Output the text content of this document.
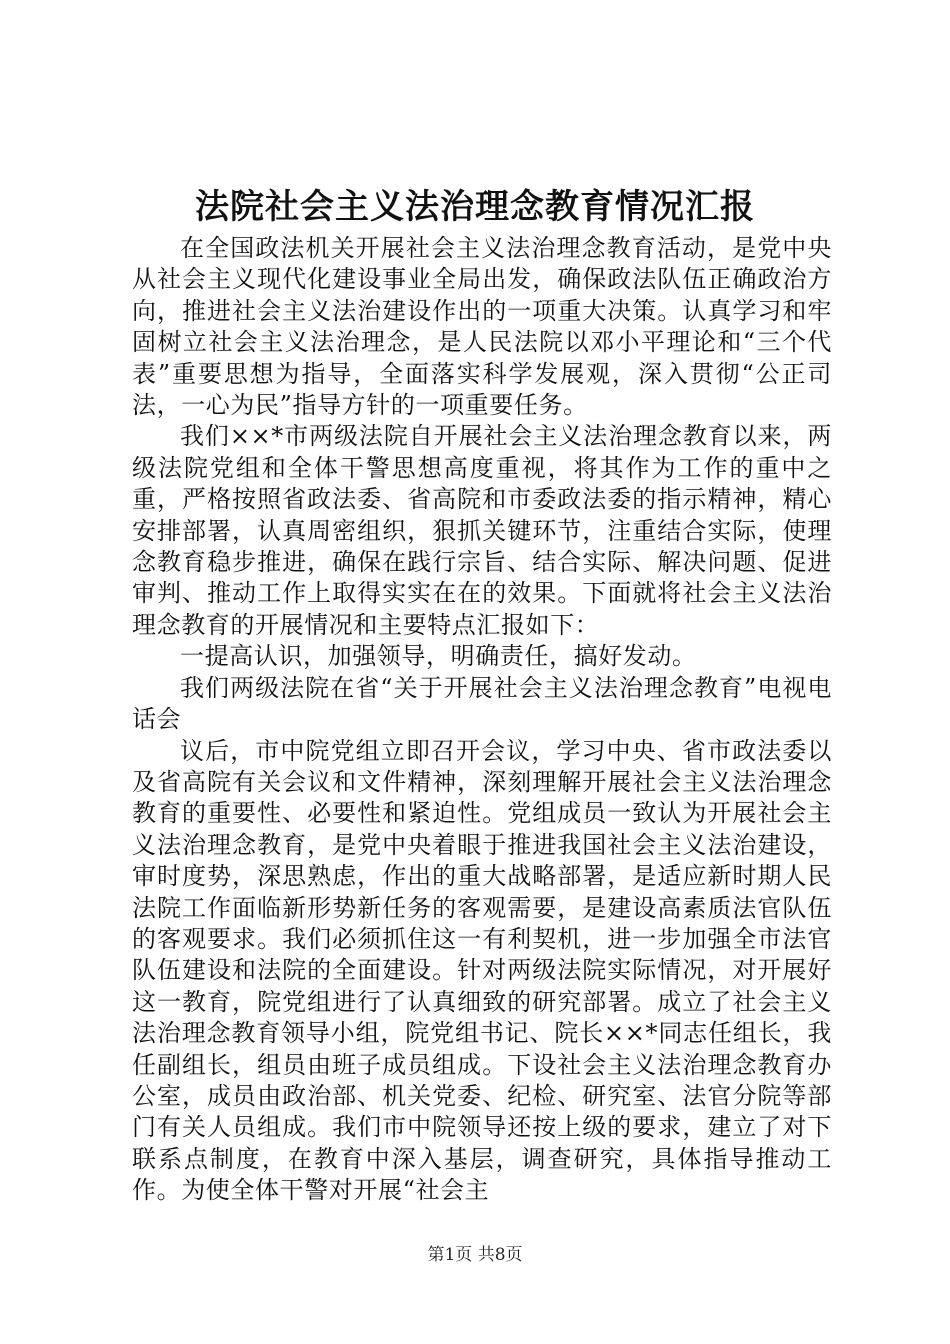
法院社会主义法治理念教育情况汇报

在全国政法机关开展社会主义法治理念教育活动，是党中央从社会主义现代化建设事业全局出发，确保政法队伍正确政治方向，推进社会主义法治建设作出的一项重大决策。认真学习和牢固树立社会主义法治理念，是人民法院以邓小平理论和“三个代表”重要思想为指导，全面落实科学发展观，深入贯彻“公正司法，一心为民”指导方针的一项重要任务。

我们××*市两级法院自开展社会主义法治理念教育以来，两级法院党组和全体干警思想高度重视，将其作为工作的重中之重，严格按照省政法委、省高院和市委政法委的指示精神，精心安排部署，认真周密组织，狠抓关键环节，注重结合实际，使理念教育稳步推进，确保在践行宗旨、结合实际、解决问题、促进审判、推动工作上取得实实在在的效果。下面就将社会主义法治理念教育的开展情况和主要特点汇报如下：

一提高认识，加强领导，明确责任，搞好发动。

我们两级法院在省“关于开展社会主义法治理念教育”电视电话会

议后，市中院党组立即召开会议，学习中央、省市政法委以及省高院有关会议和文件精神，深刻理解开展社会主义法治理念教育的重要性、必要性和紧迫性。党组成员一致认为开展社会主义法治理念教育，是党中央着眼于推进我国社会主义法治建设，审时度势，深思熟虑，作出的重大战略部署，是适应新时期人民法院工作面临新形势新任务的客观需要，是建设高素质法官队伍的客观要求。我们必须抓住这一有利契机，进一步加强全市法官队伍建设和法院的全面建设。针对两级法院实际情况，对开展好这一教育，院党组进行了认真细致的研究部署。成立了社会主义法治理念教育领导小组，院党组书记、院长××*同志任组长，我任副组长，组员由班子成员组成。下设社会主义法治理念教育办公室，成员由政治部、机关党委、纪检、研究室、法官分院等部门有关人员组成。我们市中院领导还按上级的要求，建立了对下联系点制度，在教育中深入基层，调查研究，具体指导推动工作。为使全体干警对开展“社会主

第1页 共8页
